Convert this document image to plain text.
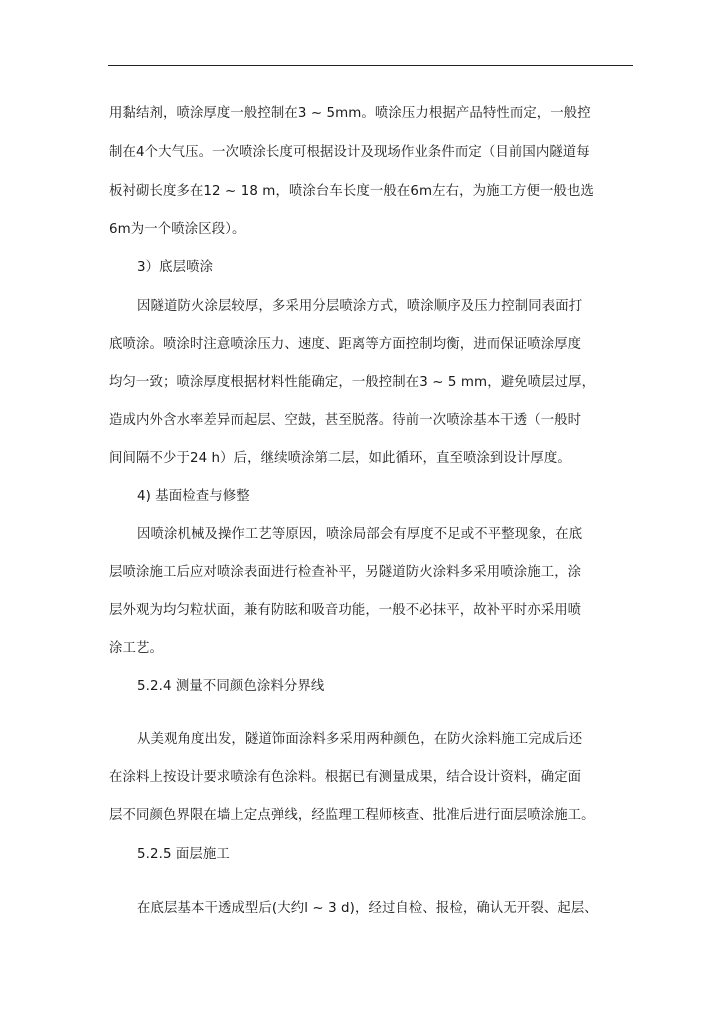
用黏结剂，喷涂厚度一般控制在3 ~ 5mm。喷涂压力根据产品特性而定，一般控
制在4个大气压。一次喷涂长度可根据设计及现场作业条件而定（目前国内隧道每
板衬砌长度多在12 ~ 18 m，喷涂台车长度一般在6m左右，为施工方便一般也选
6m为一个喷涂区段）。
3）底层喷涂
因隧道防火涂层较厚，多采用分层喷涂方式，喷涂顺序及压力控制同表面打
底喷涂。喷涂时注意喷涂压力、速度、距离等方面控制均衡，进而保证喷涂厚度
均匀一致；喷涂厚度根据材料性能确定，一般控制在3 ~ 5 mm，避免喷层过厚，
造成内外含水率差异而起层、空鼓，甚至脱落。待前一次喷涂基本干透（一般时
间间隔不少于24 h）后，继续喷涂第二层，如此循环，直至喷涂到设计厚度。
4) 基面检查与修整
因喷涂机械及操作工艺等原因，喷涂局部会有厚度不足或不平整现象，在底
层喷涂施工后应对喷涂表面进行检查补平，另隧道防火涂料多采用喷涂施工，涂
层外观为均匀粒状面，兼有防眩和吸音功能，一般不必抹平，故补平时亦采用喷
涂工艺。
5.2.4 测量不同颜色涂料分界线
从美观角度出发，隧道饰面涂料多采用两种颜色，在防火涂料施工完成后还
在涂料上按设计要求喷涂有色涂料。根据已有测量成果，结合设计资料，确定面
层不同颜色界限在墙上定点弹线，经监理工程师核查、批准后进行面层喷涂施工。
5.2.5 面层施工
在底层基本干透成型后(大约l ~ 3 d)，经过自检、报检，确认无开裂、起层、
